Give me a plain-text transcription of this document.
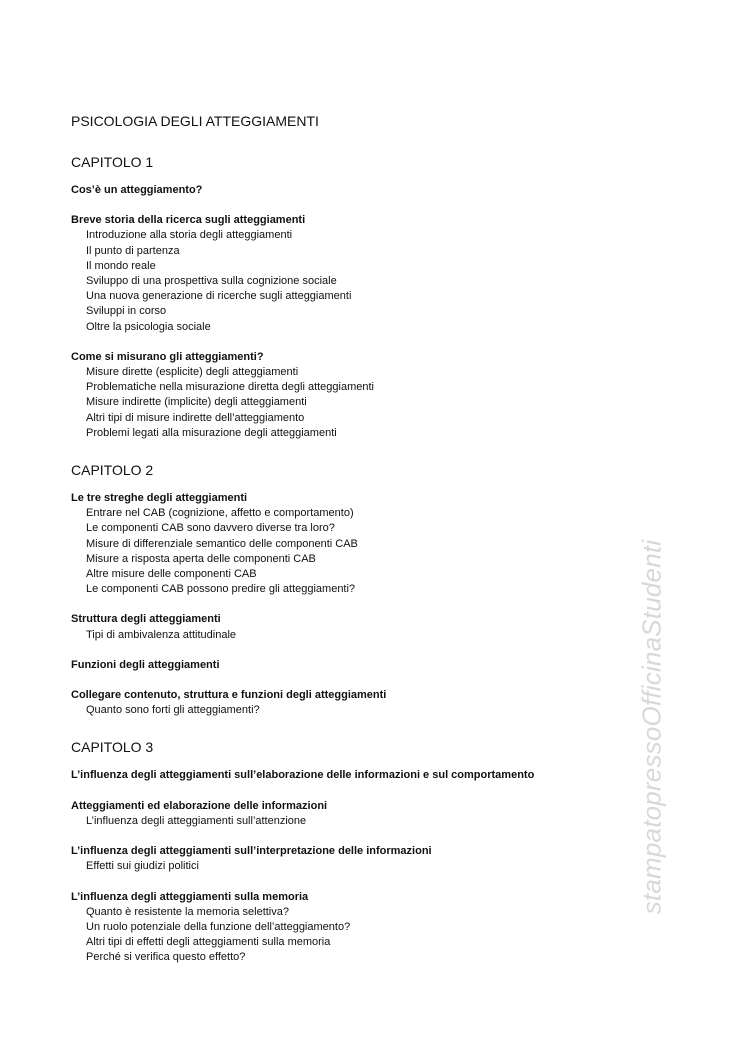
PSICOLOGIA DEGLI ATTEGGIAMENTI
CAPITOLO 1
Cos’è un atteggiamento?
Breve storia della ricerca sugli atteggiamenti
Introduzione alla storia degli atteggiamenti
Il punto di partenza
Il mondo reale
Sviluppo di una prospettiva sulla cognizione sociale
Una nuova generazione di ricerche sugli atteggiamenti
Sviluppi in corso
Oltre la psicologia sociale
Come si misurano gli atteggiamenti?
Misure dirette (esplicite) degli atteggiamenti
Problematiche nella misurazione diretta degli atteggiamenti
Misure indirette (implicite) degli atteggiamenti
Altri tipi di misure indirette dell’atteggiamento
Problemi legati alla misurazione degli atteggiamenti
CAPITOLO 2
Le tre streghe degli atteggiamenti
Entrare nel CAB (cognizione, affetto e comportamento)
Le componenti CAB sono davvero diverse tra loro?
Misure di differenziale semantico delle componenti CAB
Misure a risposta aperta delle componenti CAB
Altre misure delle componenti CAB
Le componenti CAB possono predire gli atteggiamenti?
Struttura degli atteggiamenti
Tipi di ambivalenza attitudinale
Funzioni degli atteggiamenti
Collegare contenuto, struttura e funzioni degli atteggiamenti
Quanto sono forti gli atteggiamenti?
CAPITOLO 3
L’influenza degli atteggiamenti sull’elaborazione delle informazioni e sul comportamento
Atteggiamenti ed elaborazione delle informazioni
L’influenza degli atteggiamenti sull’attenzione
L’influenza degli atteggiamenti sull’interpretazione delle informazioni
Effetti sui giudizi politici
L’influenza degli atteggiamenti sulla memoria
Quanto è resistente la memoria selettiva?
Un ruolo potenziale della funzione dell’atteggiamento?
Altri tipi di effetti degli atteggiamenti sulla memoria
Perché si verifica questo effetto?
stampatopressoOfficinaStudenti
